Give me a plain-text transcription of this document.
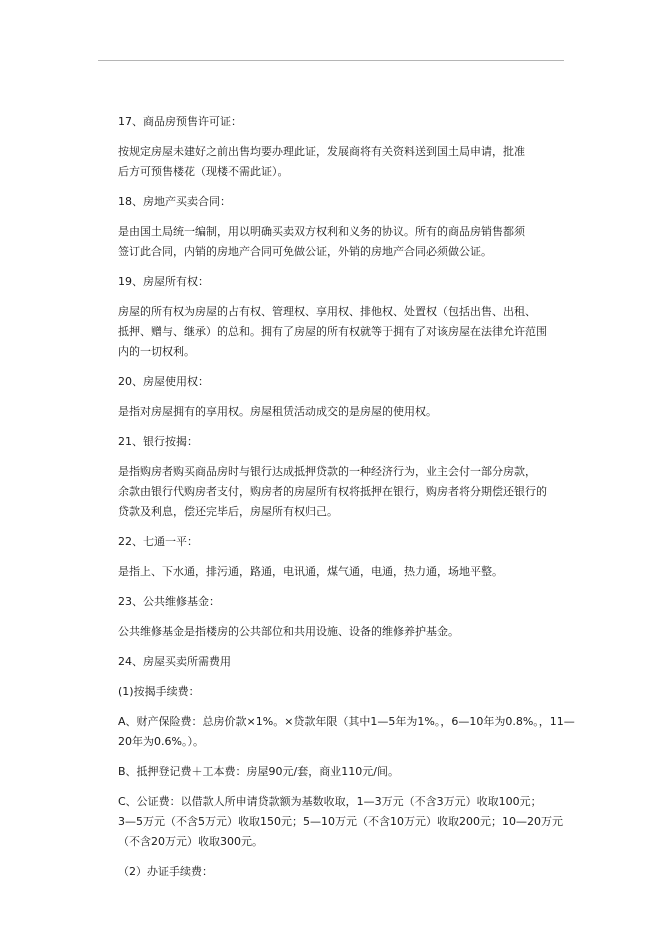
17、商品房预售许可证：

按规定房屋未建好之前出售均要办理此证，发展商将有关资料送到国土局申请，批准

后方可预售楼花（现楼不需此证）。

18、房地产买卖合同：

是由国土局统一编制，用以明确买卖双方权利和义务的协议。所有的商品房销售都须

签订此合同，内销的房地产合同可免做公证，外销的房地产合同必须做公证。

19、房屋所有权：

房屋的所有权为房屋的占有权、管理权、享用权、排他权、处置权（包括出售、出租、

抵押、赠与、继承）的总和。拥有了房屋的所有权就等于拥有了对该房屋在法律允许范围

内的一切权利。

20、房屋使用权：

是指对房屋拥有的享用权。房屋租赁活动成交的是房屋的使用权。

21、银行按揭：

是指购房者购买商品房时与银行达成抵押贷款的一种经济行为，业主会付一部分房款，

余款由银行代购房者支付，购房者的房屋所有权将抵押在银行，购房者将分期偿还银行的

贷款及利息，偿还完毕后，房屋所有权归己。

22、七通一平：

是指上、下水通，排污通，路通，电讯通，煤气通，电通，热力通，场地平整。

23、公共维修基金：

公共维修基金是指楼房的公共部位和共用设施、设备的维修养护基金。

24、房屋买卖所需费用

(1)按揭手续费：

A、财产保险费：总房价款×1%。×贷款年限（其中1—5年为1%。，6—10年为0.8%。，11—

20年为0.6%。）。

B、抵押登记费＋工本费：房屋90元/套，商业110元/间。

C、公证费：以借款人所申请贷款额为基数收取，1—3万元（不含3万元）收取100元；

3—5万元（不含5万元）收取150元；5—10万元（不含10万元）收取200元；10—20万元

（不含20万元）收取300元。

（2）办证手续费：
